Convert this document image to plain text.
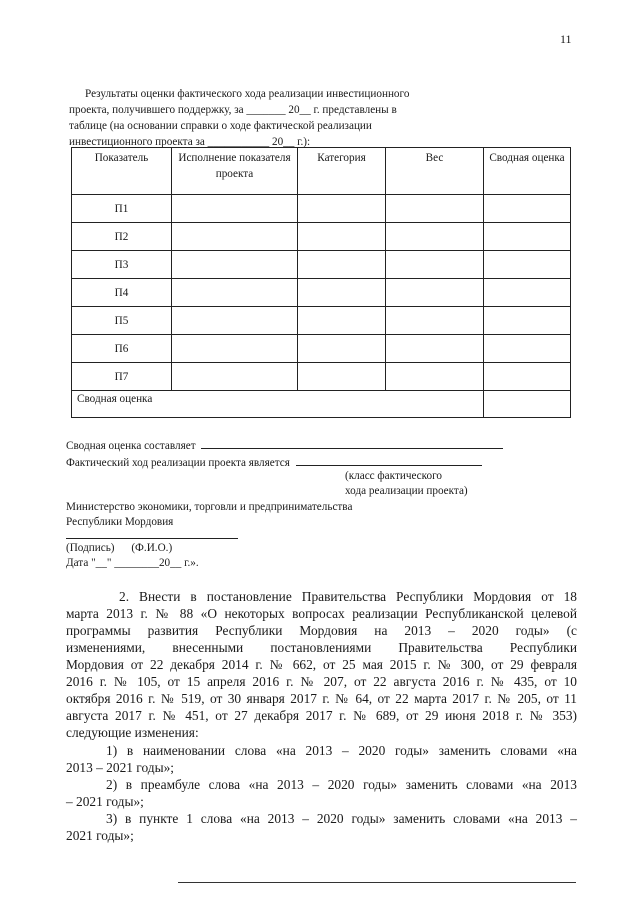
11
Результаты оценки фактического хода реализации инвестиционного
проекта, получившего поддержку, за _______ 20__ г. представлены в
таблице (на основании справки о ходе фактической реализации
инвестиционного проекта за ___________ 20__ г.):
Показатель	Исполнение показателя проекта	Категория	Вес	Сводная оценка
П1				
П2				
П3				
П4				
П5				
П6				
П7				
Сводная оценка				
Сводная оценка составляет
Фактический ход реализации проекта является
(класс фактического
хода реализации проекта)
Министерство экономики, торговли и предпринимательства
Республики Мордовия
(Подпись) (Ф.И.О.)
Дата "__" ________20__ г.».
2. Внести в постановление Правительства Республики Мордовия от 18
марта 2013 г. № 88 «О некоторых вопросах реализации Республиканской целевой
программы развития Республики Мордовия на 2013 – 2020 годы» (с
изменениями, внесенными постановлениями Правительства Республики
Мордовия от 22 декабря 2014 г. № 662, от 25 мая 2015 г. № 300, от 29 февраля
2016 г. № 105, от 15 апреля 2016 г. № 207, от 22 августа 2016 г. № 435, от 10
октября 2016 г. № 519, от 30 января 2017 г. № 64, от 22 марта 2017 г. № 205, от 11
августа 2017 г. № 451, от 27 декабря 2017 г. № 689, от 29 июня 2018 г. № 353)
следующие изменения:
1) в наименовании слова «на 2013 – 2020 годы» заменить словами «на
2013 – 2021 годы»;
2) в преамбуле слова «на 2013 – 2020 годы» заменить словами «на 2013
– 2021 годы»;
3) в пункте 1 слова «на 2013 – 2020 годы» заменить словами «на 2013 –
2021 годы»;
